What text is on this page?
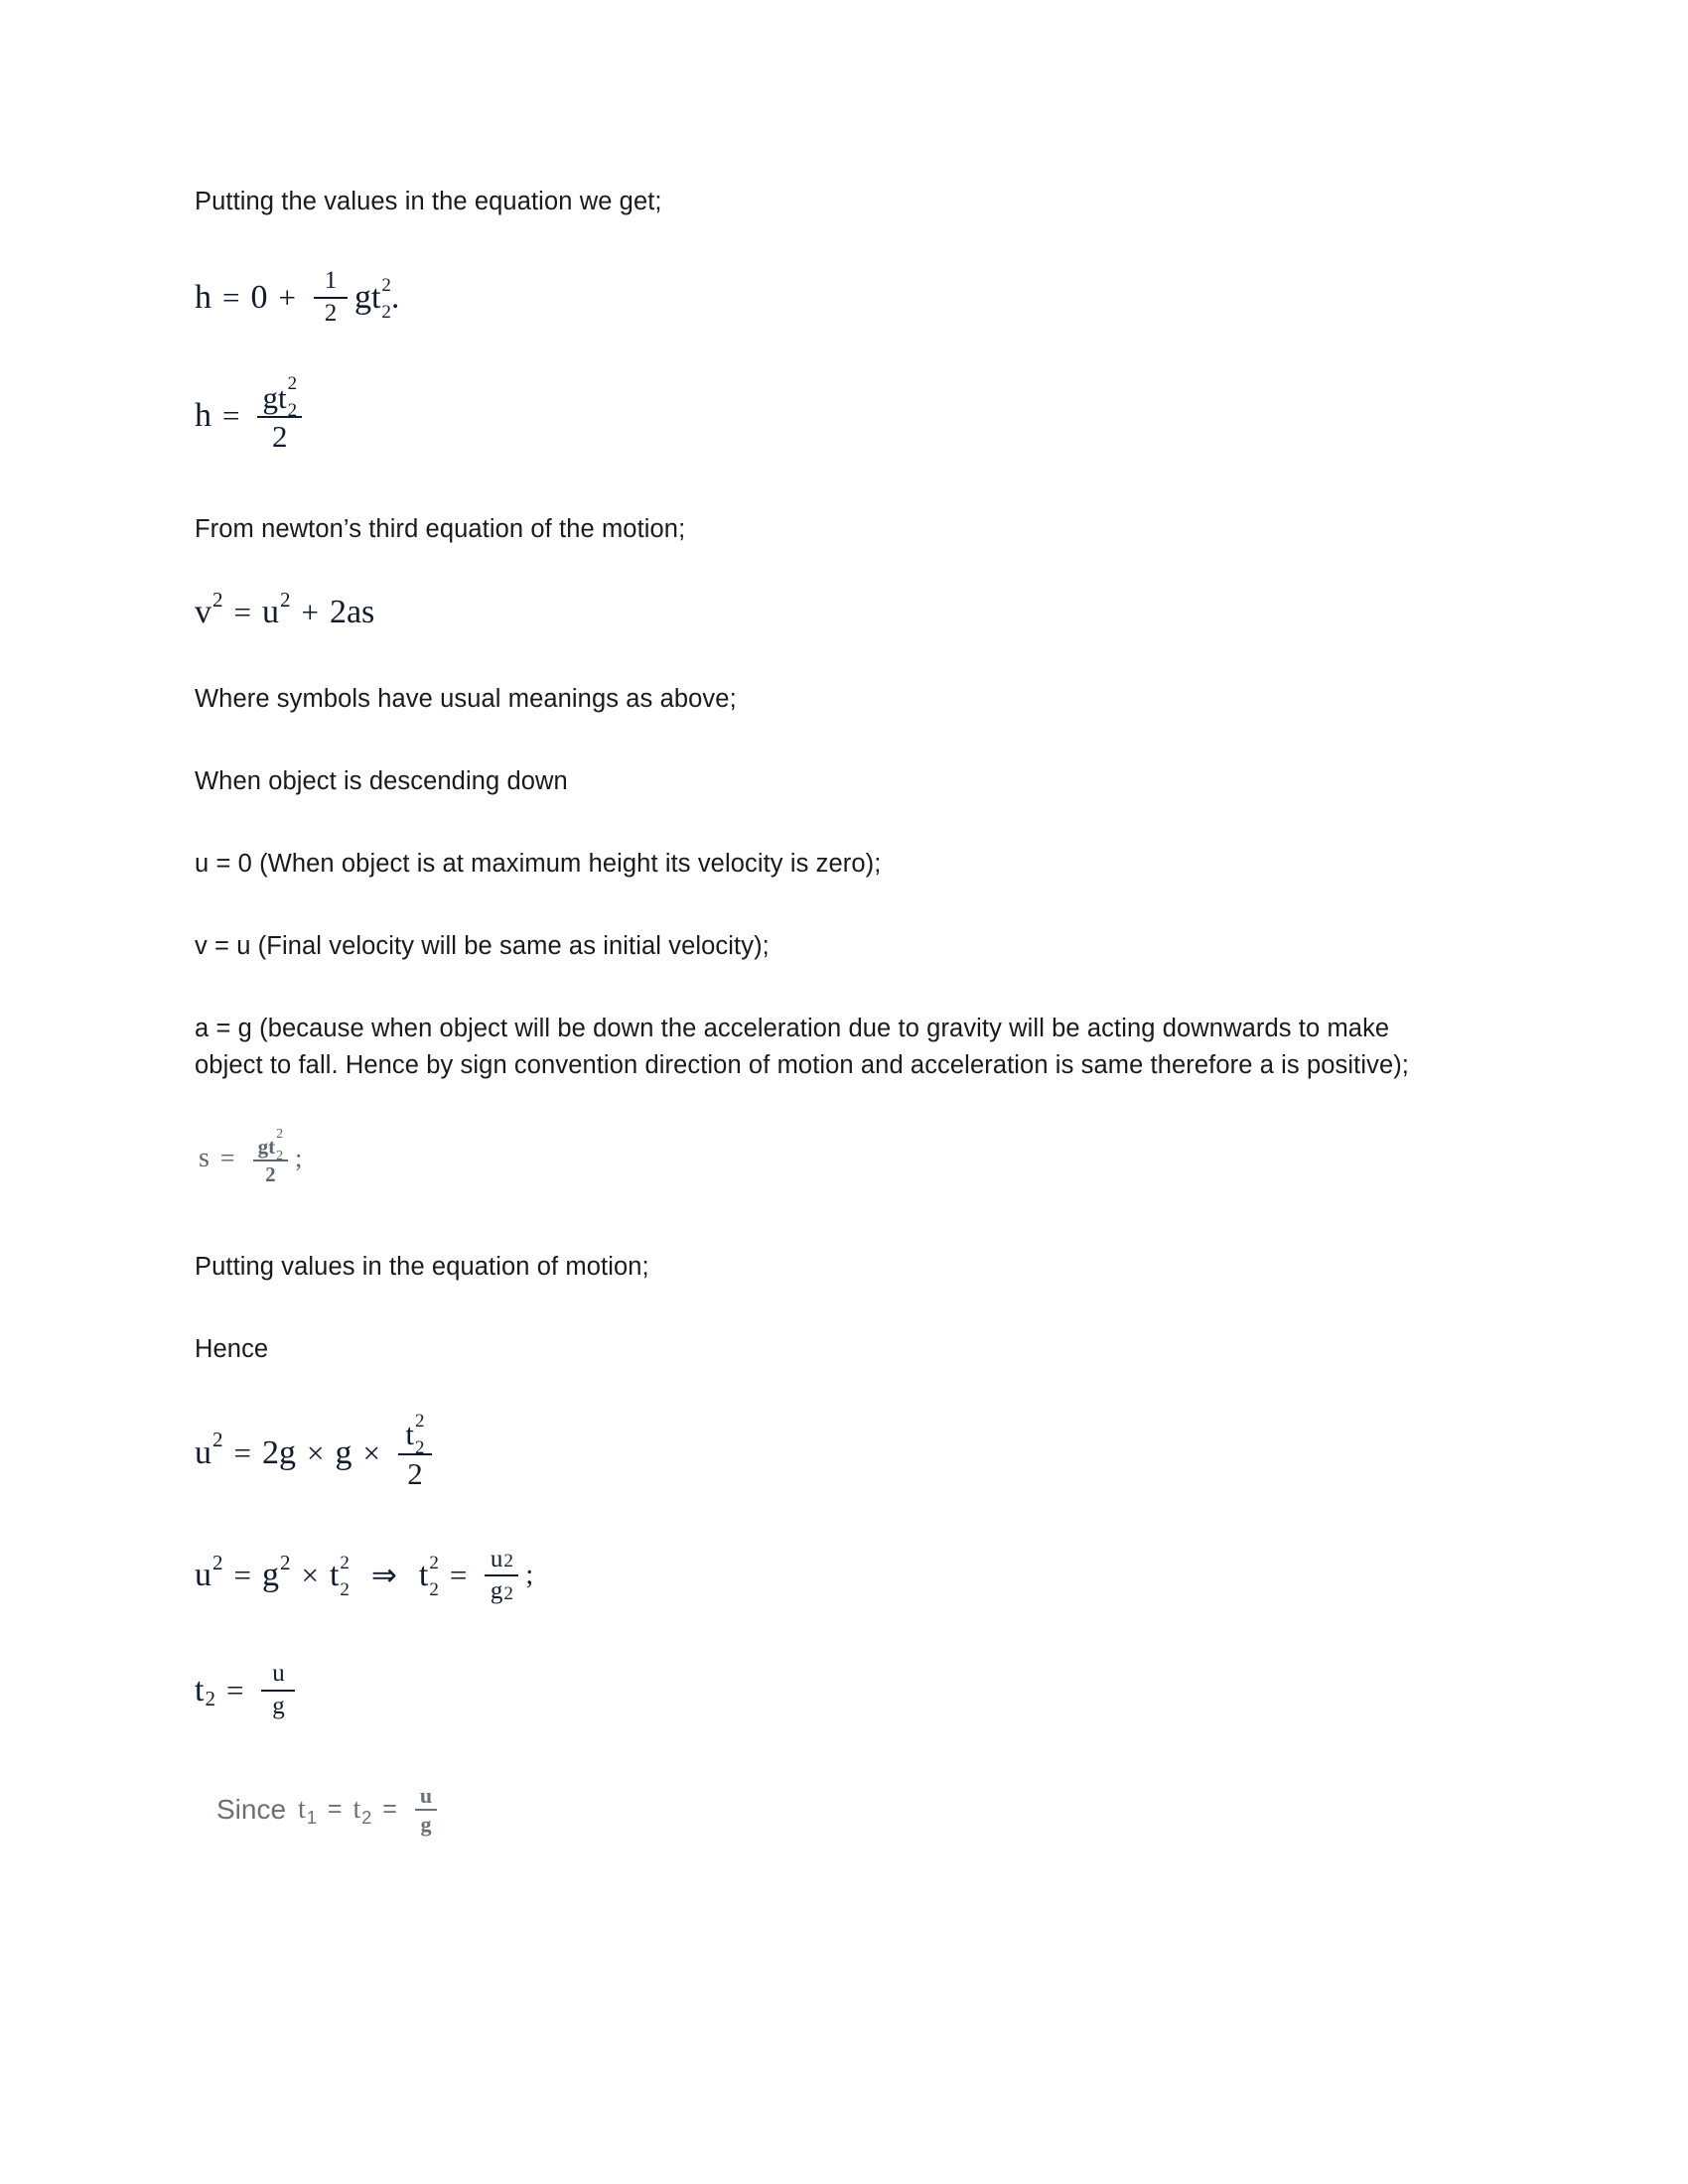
Putting the values in the equation we get;

$h = 0 + \frac{1}{2}$ gt 2
2 .
h = gt 2
2
2

From newton’s third equation of the motion;

v 2 = u 2 + 2as

Where symbols have usual meanings as above;

When object is descending down

u = 0 (When object is at maximum height its velocity is zero);

v = u (Final velocity will be same as initial velocity);

a = g (because when object will be down the acceleration due to gravity will be acting downwards to make object to fall. Hence by sign convention direction of motion and acceleration is same therefore a is positive);

s = gt
2
2
2 ;

Putting values in the equation of motion;

Hence

u 2 = 2g × g × t 2
2
2
u 2 = g 2 × t 2
2 ⇒ t 2
$2 = \frac{u 2}{g 2}$ ;
t $2 = \frac{u}{g}$
Since t 1 = t $2 = \frac{u}{g}$
